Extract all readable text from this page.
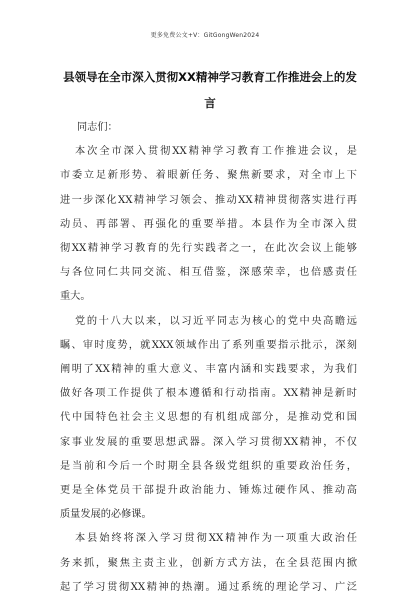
更多免费公文+V：GitGongWen2024
县领导在全市深入贯彻XX精神学习教育工作推进会上的发
言
同志们：
本次全市深入贯彻XX精神学习教育工作推进会议，是
市委立足新形势、着眼新任务、聚焦新要求，对全市上下
进一步深化XX精神学习领会、推动XX精神贯彻落实进行再
动员、再部署、再强化的重要举措。本县作为全市深入贯
彻XX精神学习教育的先行实践者之一，在此次会议上能够
与各位同仁共同交流、相互借鉴，深感荣幸，也倍感责任
重大。
党的十八大以来，以习近平同志为核心的党中央高瞻远
瞩、审时度势，就XXX领域作出了系列重要指示批示，深刻
阐明了XX精神的重大意义、丰富内涵和实践要求，为我们
做好各项工作提供了根本遵循和行动指南。XX精神是新时
代中国特色社会主义思想的有机组成部分，是推动党和国
家事业发展的重要思想武器。深入学习贯彻XX精神，不仅
是当前和今后一个时期全县各级党组织的重要政治任务，
更是全体党员干部提升政治能力、锤炼过硬作风、推动高
质量发展的必修课。
本县始终将深入学习贯彻XX精神作为一项重大政治任
务来抓，聚焦主责主业，创新方式方法，在全县范围内掀
起了学习贯彻XX精神的热潮。通过系统的理论学习、广泛
